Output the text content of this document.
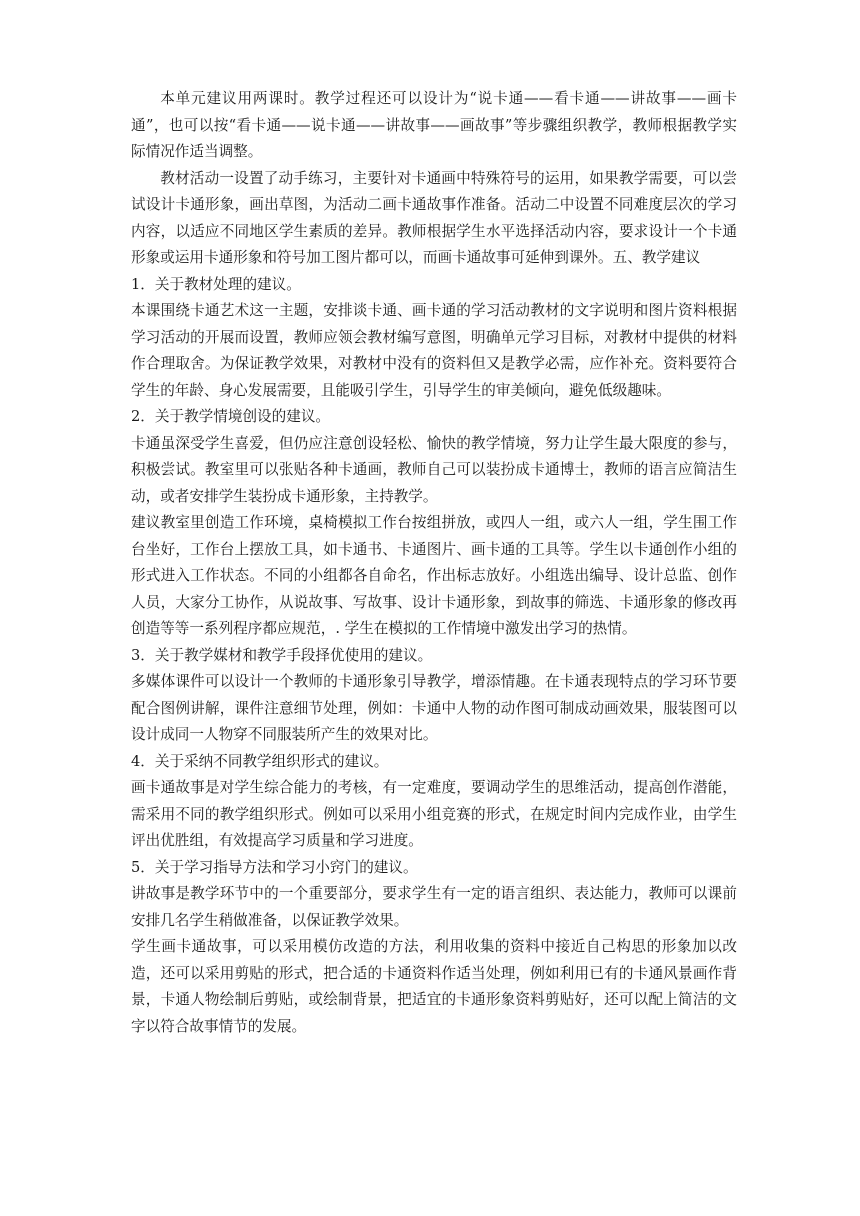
本单元建议用两课时。教学过程还可以设计为“说卡通——看卡通——讲故事——画卡通”，也可以按“看卡通——说卡通——讲故事——画故事”等步骤组织教学，教师根据教学实际情况作适当调整。

教材活动一设置了动手练习，主要针对卡通画中特殊符号的运用，如果教学需要，可以尝试设计卡通形象，画出草图，为活动二画卡通故事作准备。活动二中设置不同难度层次的学习内容，以适应不同地区学生素质的差异。教师根据学生水平选择活动内容，要求设计一个卡通形象或运用卡通形象和符号加工图片都可以，而画卡通故事可延伸到课外。五、教学建议

1．关于教材处理的建议。

本课围绕卡通艺术这一主题，安排谈卡通、画卡通的学习活动教材的文字说明和图片资料根据学习活动的开展而设置，教师应领会教材编写意图，明确单元学习目标，对教材中提供的材料作合理取舍。为保证教学效果，对教材中没有的资料但又是教学必需，应作补充。资料要符合学生的年龄、身心发展需要，且能吸引学生，引导学生的审美倾向，避免低级趣味。

2．关于教学情境创设的建议。

卡通虽深受学生喜爱，但仍应注意创设轻松、愉快的教学情境，努力让学生最大限度的参与，积极尝试。教室里可以张贴各种卡通画，教师自己可以装扮成卡通博士，教师的语言应简洁生动，或者安排学生装扮成卡通形象，主持教学。

建议教室里创造工作环境，桌椅模拟工作台按组拼放，或四人一组，或六人一组，学生围工作台坐好，工作台上摆放工具，如卡通书、卡通图片、画卡通的工具等。学生以卡通创作小组的形式进入工作状态。不同的小组都各自命名，作出标志放好。小组选出编导、设计总监、创作人员，大家分工协作，从说故事、写故事、设计卡通形象，到故事的筛选、卡通形象的修改再创造等等一系列程序都应规范，. 学生在模拟的工作情境中激发出学习的热情。

3．关于教学媒材和教学手段择优使用的建议。

多媒体课件可以设计一个教师的卡通形象引导教学，增添情趣。在卡通表现特点的学习环节要配合图例讲解，课件注意细节处理，例如：卡通中人物的动作图可制成动画效果，服装图可以设计成同一人物穿不同服装所产生的效果对比。

4．关于采纳不同教学组织形式的建议。

画卡通故事是对学生综合能力的考核，有一定难度，要调动学生的思维活动，提高创作潜能，需采用不同的教学组织形式。例如可以采用小组竞赛的形式，在规定时间内完成作业，由学生评出优胜组，有效提高学习质量和学习进度。

5．关于学习指导方法和学习小窍门的建议。

讲故事是教学环节中的一个重要部分，要求学生有一定的语言组织、表达能力，教师可以课前安排几名学生稍做准备，以保证教学效果。

学生画卡通故事，可以采用模仿改造的方法，利用收集的资料中接近自己构思的形象加以改造，还可以采用剪贴的形式，把合适的卡通资料作适当处理，例如利用已有的卡通风景画作背景，卡通人物绘制后剪贴，或绘制背景，把适宜的卡通形象资料剪贴好，还可以配上简洁的文字以符合故事情节的发展。
